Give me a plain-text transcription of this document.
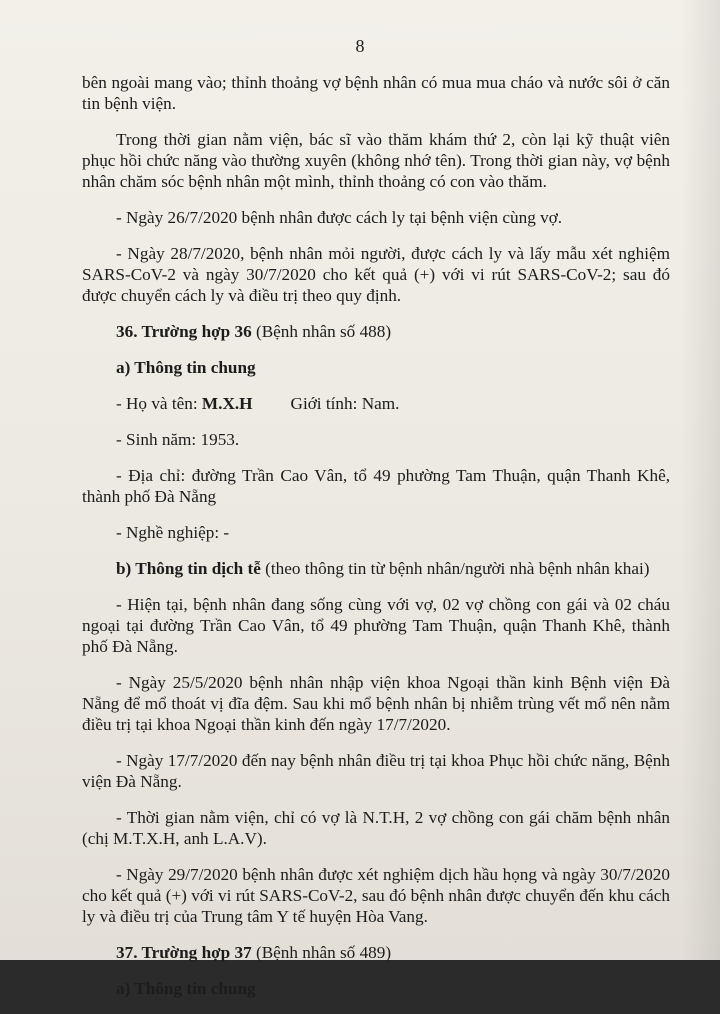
8

bên ngoài mang vào; thỉnh thoảng vợ bệnh nhân có mua mua cháo và nước sôi ở căn tin bệnh viện.

Trong thời gian nằm viện, bác sĩ vào thăm khám thứ 2, còn lại kỹ thuật viên phục hồi chức năng vào thường xuyên (không nhớ tên). Trong thời gian này, vợ bệnh nhân chăm sóc bệnh nhân một mình, thỉnh thoảng có con vào thăm.

- Ngày 26/7/2020 bệnh nhân được cách ly tại bệnh viện cùng vợ.

- Ngày 28/7/2020, bệnh nhân mỏi người, được cách ly và lấy mẫu xét nghiệm SARS-CoV-2 và ngày 30/7/2020 cho kết quả (+) với vi rút SARS-CoV-2; sau đó được chuyển cách ly và điều trị theo quy định.

36. Trường hợp 36 (Bệnh nhân số 488)

a) Thông tin chung

- Họ và tên: M.X.H Giới tính: Nam.

- Sinh năm: 1953.

- Địa chỉ: đường Trần Cao Vân, tổ 49 phường Tam Thuận, quận Thanh Khê, thành phố Đà Nẵng

- Nghề nghiệp: -

b) Thông tin dịch tễ (theo thông tin từ bệnh nhân/người nhà bệnh nhân khai)

- Hiện tại, bệnh nhân đang sống cùng với vợ, 02 vợ chồng con gái và 02 cháu ngoại tại đường Trần Cao Vân, tổ 49 phường Tam Thuận, quận Thanh Khê, thành phố Đà Nẵng.

- Ngày 25/5/2020 bệnh nhân nhập viện khoa Ngoại thần kinh Bệnh viện Đà Nẵng để mổ thoát vị đĩa đệm. Sau khi mổ bệnh nhân bị nhiễm trùng vết mổ nên nằm điều trị tại khoa Ngoại thần kinh đến ngày 17/7/2020.

- Ngày 17/7/2020 đến nay bệnh nhân điều trị tại khoa Phục hồi chức năng, Bệnh viện Đà Nẵng.

- Thời gian nằm viện, chỉ có vợ là N.T.H, 2 vợ chồng con gái chăm bệnh nhân (chị M.T.X.H, anh L.A.V).

- Ngày 29/7/2020 bệnh nhân được xét nghiệm dịch hầu họng và ngày 30/7/2020 cho kết quả (+) với vi rút SARS-CoV-2, sau đó bệnh nhân được chuyển đến khu cách ly và điều trị của Trung tâm Y tế huyện Hòa Vang.

37. Trường hợp 37 (Bệnh nhân số 489)

a) Thông tin chung
